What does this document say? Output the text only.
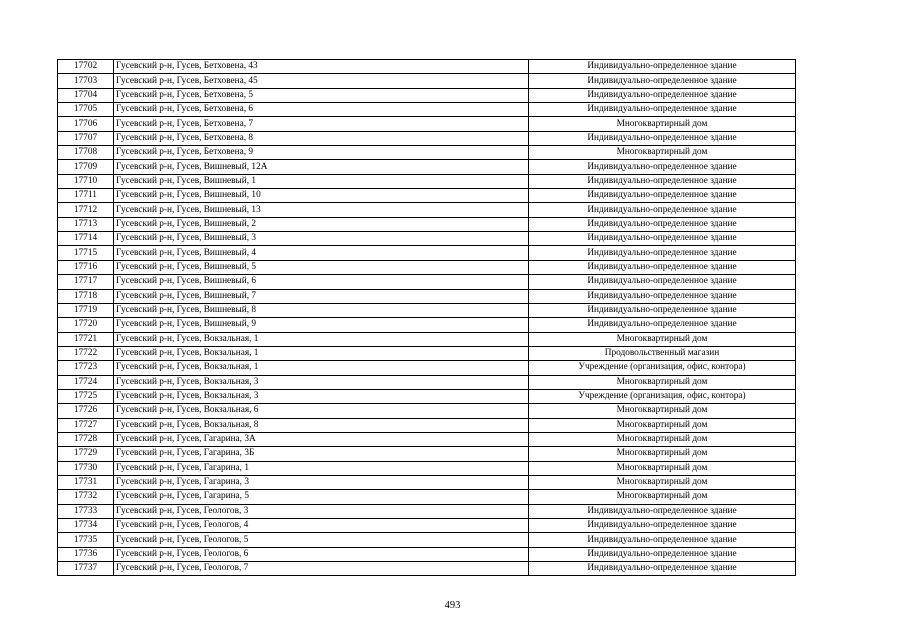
17702	Гусевский р-н, Гусев, Бетховена, 43	Индивидуально-определенное здание
17703	Гусевский р-н, Гусев, Бетховена, 45	Индивидуально-определенное здание
17704	Гусевский р-н, Гусев, Бетховена, 5	Индивидуально-определенное здание
17705	Гусевский р-н, Гусев, Бетховена, 6	Индивидуально-определенное здание
17706	Гусевский р-н, Гусев, Бетховена, 7	Многоквартирный дом
17707	Гусевский р-н, Гусев, Бетховена, 8	Индивидуально-определенное здание
17708	Гусевский р-н, Гусев, Бетховена, 9	Многоквартирный дом
17709	Гусевский р-н, Гусев, Вишневый, 12А	Индивидуально-определенное здание
17710	Гусевский р-н, Гусев, Вишневый, 1	Индивидуально-определенное здание
17711	Гусевский р-н, Гусев, Вишневый, 10	Индивидуально-определенное здание
17712	Гусевский р-н, Гусев, Вишневый, 13	Индивидуально-определенное здание
17713	Гусевский р-н, Гусев, Вишневый, 2	Индивидуально-определенное здание
17714	Гусевский р-н, Гусев, Вишневый, 3	Индивидуально-определенное здание
17715	Гусевский р-н, Гусев, Вишневый, 4	Индивидуально-определенное здание
17716	Гусевский р-н, Гусев, Вишневый, 5	Индивидуально-определенное здание
17717	Гусевский р-н, Гусев, Вишневый, 6	Индивидуально-определенное здание
17718	Гусевский р-н, Гусев, Вишневый, 7	Индивидуально-определенное здание
17719	Гусевский р-н, Гусев, Вишневый, 8	Индивидуально-определенное здание
17720	Гусевский р-н, Гусев, Вишневый, 9	Индивидуально-определенное здание
17721	Гусевский р-н, Гусев, Вокзальная, 1	Многоквартирный дом
17722	Гусевский р-н, Гусев, Вокзальная, 1	Продовольственный магазин
17723	Гусевский р-н, Гусев, Вокзальная, 1	Учреждение (организация, офис, контора)
17724	Гусевский р-н, Гусев, Вокзальная, 3	Многоквартирный дом
17725	Гусевский р-н, Гусев, Вокзальная, 3	Учреждение (организация, офис, контора)
17726	Гусевский р-н, Гусев, Вокзальная, 6	Многоквартирный дом
17727	Гусевский р-н, Гусев, Вокзальная, 8	Многоквартирный дом
17728	Гусевский р-н, Гусев, Гагарина, 3А	Многоквартирный дом
17729	Гусевский р-н, Гусев, Гагарина, 3Б	Многоквартирный дом
17730	Гусевский р-н, Гусев, Гагарина, 1	Многоквартирный дом
17731	Гусевский р-н, Гусев, Гагарина, 3	Многоквартирный дом
17732	Гусевский р-н, Гусев, Гагарина, 5	Многоквартирный дом
17733	Гусевский р-н, Гусев, Геологов, 3	Индивидуально-определенное здание
17734	Гусевский р-н, Гусев, Геологов, 4	Индивидуально-определенное здание
17735	Гусевский р-н, Гусев, Геологов, 5	Индивидуально-определенное здание
17736	Гусевский р-н, Гусев, Геологов, 6	Индивидуально-определенное здание
17737	Гусевский р-н, Гусев, Геологов, 7	Индивидуально-определенное здание
493
